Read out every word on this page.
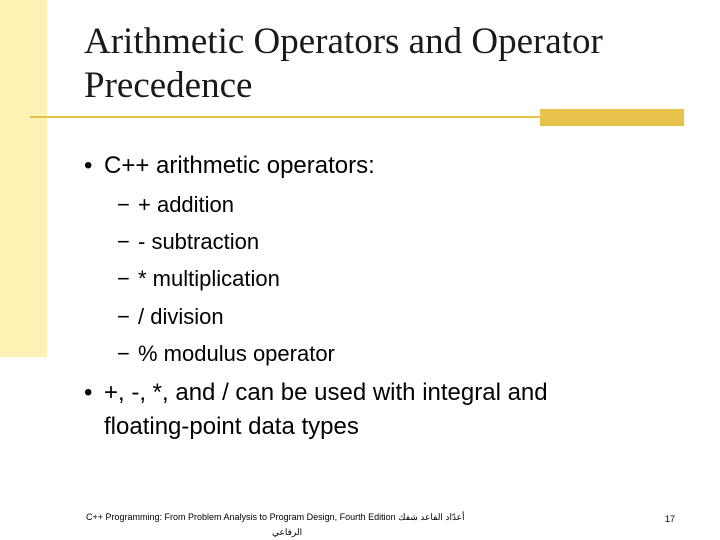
Arithmetic Operators and Operator
Precedence
• C++ arithmetic operators:
− + addition
− - subtraction
− * multiplication
− / division
− % modulus operator
• +, -, *, and / can be used with integral and
floating-point data types
C++ Programming: From Problem Analysis to Program Design, Fourth Edition أعدّاد الفاعد شفك
الرفاعي
17
